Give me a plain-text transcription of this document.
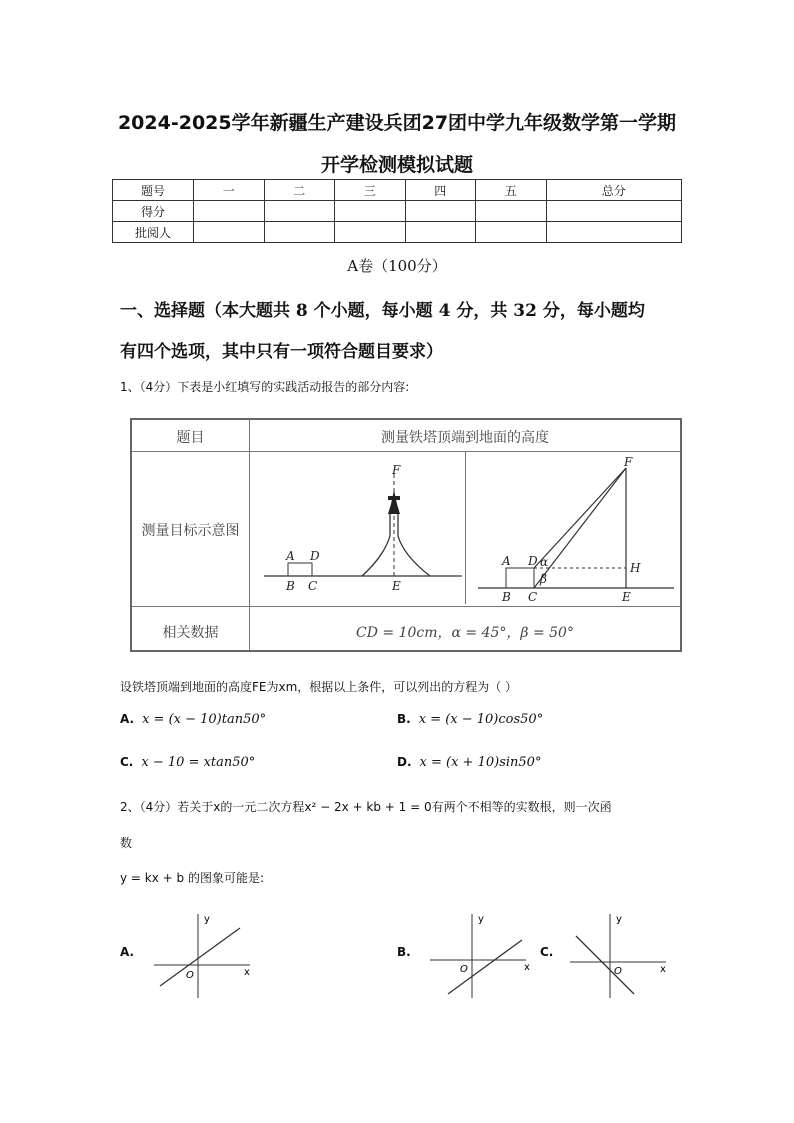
2024-2025学年新疆生产建设兵团27团中学九年级数学第一学期
开学检测模拟试题
题号	一	二	三	四	五	总分
得分						
批阅人						
A卷（100分）
一、选择题（本大题共 8 个小题，每小题 4 分，共 32 分，每小题均
有四个选项，其中只有一项符合题目要求）
1、（4分）下表是小红填写的实践活动报告的部分内容:
题目	测量铁塔顶端到地面的高度
测量目标示意图
相关数据	CD = 10cm，α = 45°，β = 50°
F
A D
B C	E
F
A D α
β
H
B C	E
设铁塔顶端到地面的高度FE为xm，根据以上条件，可以列出的方程为（ ）
A. x = (x − 10)tan50°	B. x = (x − 10)cos50°
C. x − 10 = xtan50°	D. x = (x + 10)sin50°
2、（4分）若关于x的一元二次方程x² − 2x + kb + 1 = 0有两个不相等的实数根，则一次函
数
y = kx + b 的图象可能是:
A.
y
x
O
B.
y
x
O
C.
y
x
O
